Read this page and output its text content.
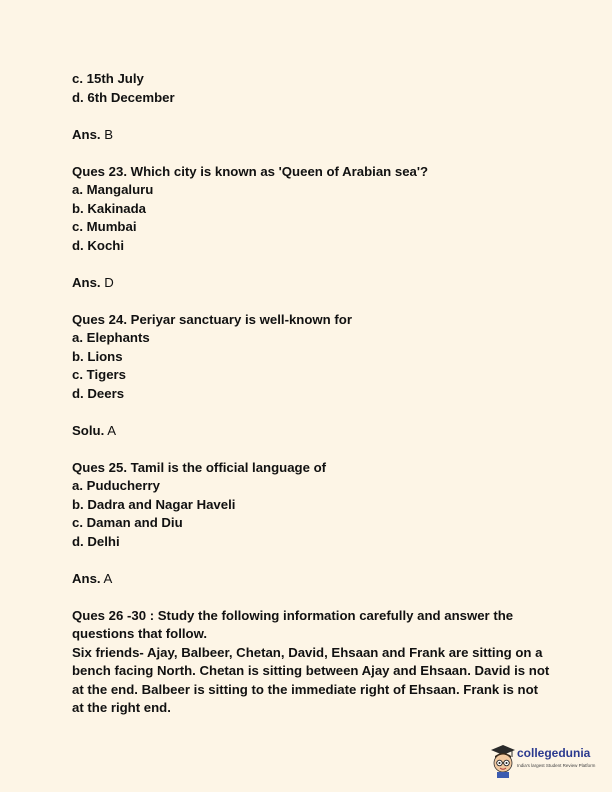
c. 15th July
d. 6th December
Ans. B
Ques 23. Which city is known as 'Queen of Arabian sea'?
a. Mangaluru
b. Kakinada
c. Mumbai
d. Kochi
Ans. D
Ques 24. Periyar sanctuary is well-known for
a. Elephants
b. Lions
c. Tigers
d. Deers
Solu. A
Ques 25. Tamil is the official language of
a. Puducherry
b. Dadra and Nagar Haveli
c. Daman and Diu
d. Delhi
Ans. A
Ques 26 -30 : Study the following information carefully and answer the questions that follow.
Six friends- Ajay, Balbeer, Chetan, David, Ehsaan and Frank are sitting on a bench facing North. Chetan is sitting between Ajay and Ehsaan. David is not at the end. Balbeer is sitting to the immediate right of Ehsaan. Frank is not at the right end.
collegedunia
India's largest Student Review Platform
